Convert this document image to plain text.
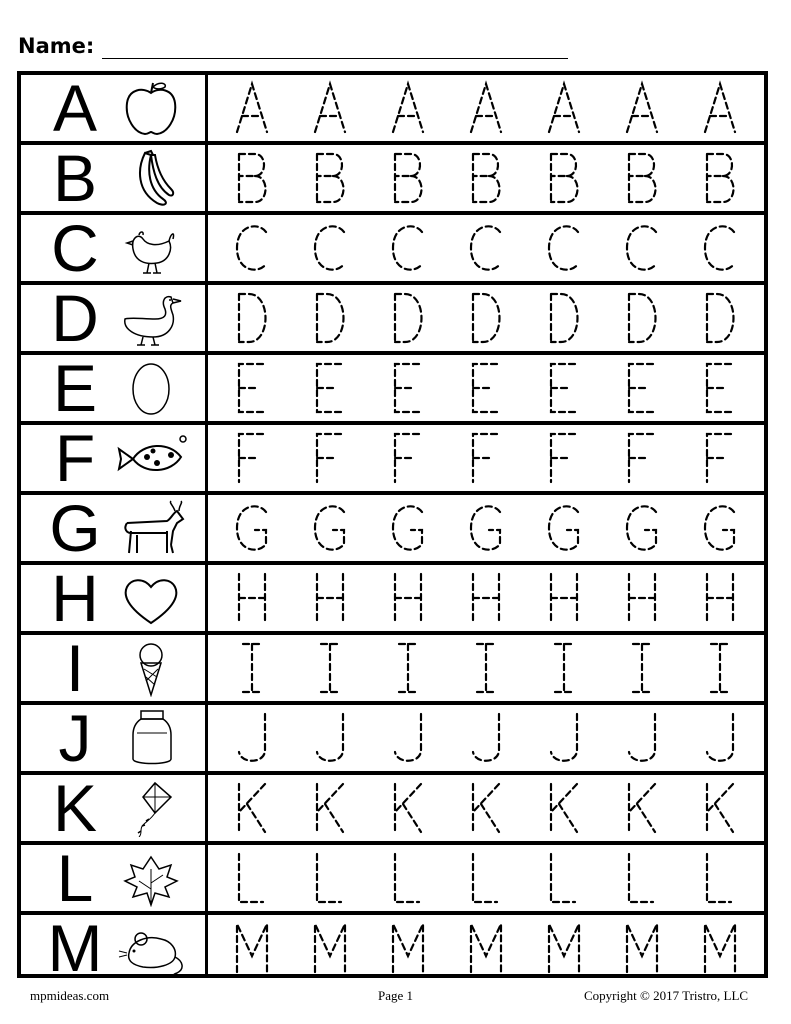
Name:
A
B
C
D
E
F
G
H
I
J
K
L
M
mpmideas.com	Page 1	Copyright © 2017 Tristro, LLC
